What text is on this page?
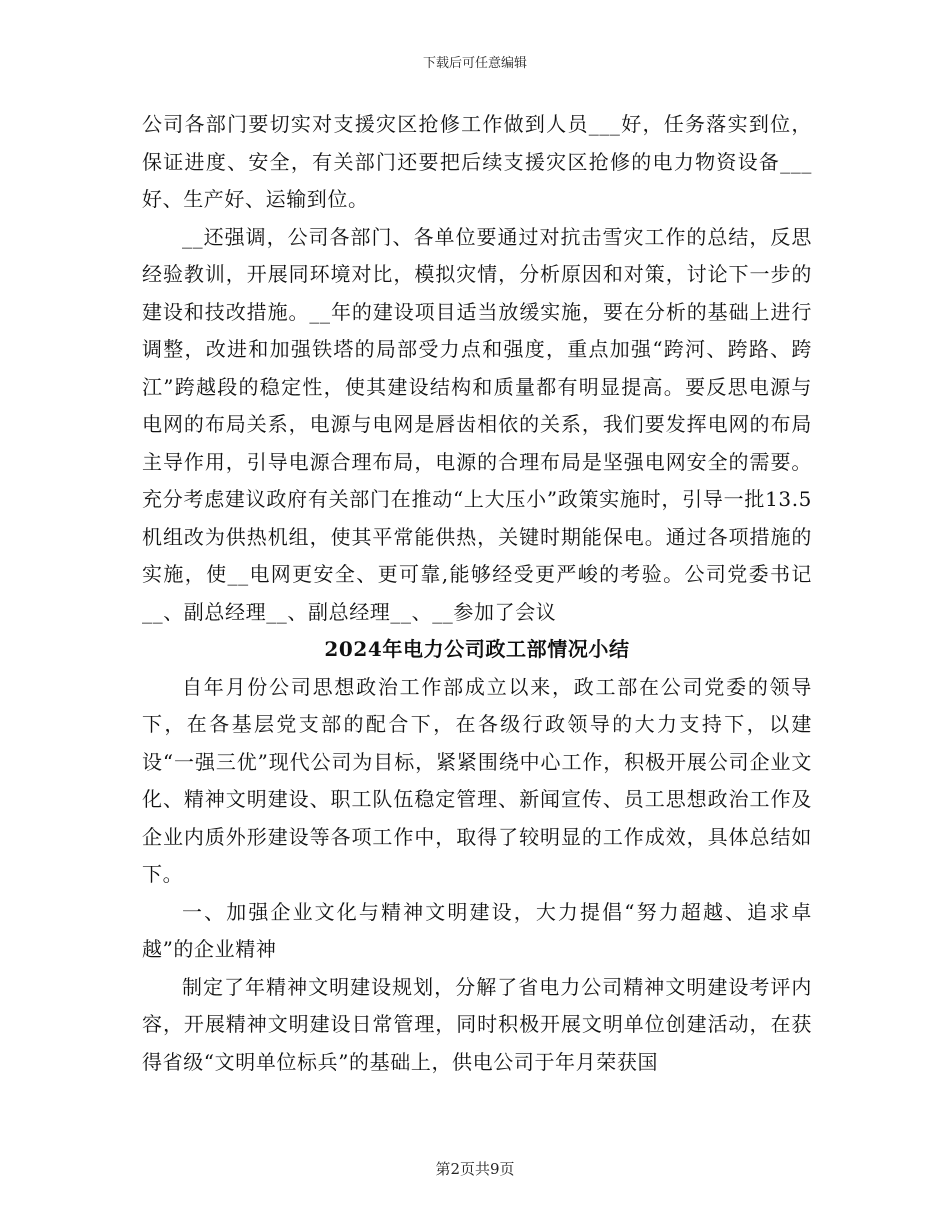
下载后可任意编辑

公司各部门要切实对支援灾区抢修工作做到人员___好，任务落实到位，保证进度、安全，有关部门还要把后续支援灾区抢修的电力物资设备___好、生产好、运输到位。

__还强调，公司各部门、各单位要通过对抗击雪灾工作的总结，反思经验教训，开展同环境对比，模拟灾情，分析原因和对策，讨论下一步的建设和技改措施。__年的建设项目适当放缓实施，要在分析的基础上进行调整，改进和加强铁塔的局部受力点和强度，重点加强“跨河、跨路、跨江”跨越段的稳定性，使其建设结构和质量都有明显提高。要反思电源与电网的布局关系，电源与电网是唇齿相依的关系，我们要发挥电网的布局主导作用，引导电源合理布局，电源的合理布局是坚强电网安全的需要。充分考虑建议政府有关部门在推动“上大压小”政策实施时，引导一批13.5机组改为供热机组，使其平常能供热，关键时期能保电。通过各项措施的实施，使__电网更安全、更可靠,能够经受更严峻的考验。公司党委书记__、副总经理__、副总经理__、__参加了会议

2024年电力公司政工部情况小结

自年月份公司思想政治工作部成立以来，政工部在公司党委的领导下，在各基层党支部的配合下，在各级行政领导的大力支持下，以建设“一强三优”现代公司为目标，紧紧围绕中心工作，积极开展公司企业文化、精神文明建设、职工队伍稳定管理、新闻宣传、员工思想政治工作及企业内质外形建设等各项工作中，取得了较明显的工作成效，具体总结如下。

一、加强企业文化与精神文明建设，大力提倡“努力超越、追求卓越”的企业精神

制定了年精神文明建设规划，分解了省电力公司精神文明建设考评内容，开展精神文明建设日常管理，同时积极开展文明单位创建活动，在获得省级“文明单位标兵”的基础上，供电公司于年月荣获国

第2页共9页
